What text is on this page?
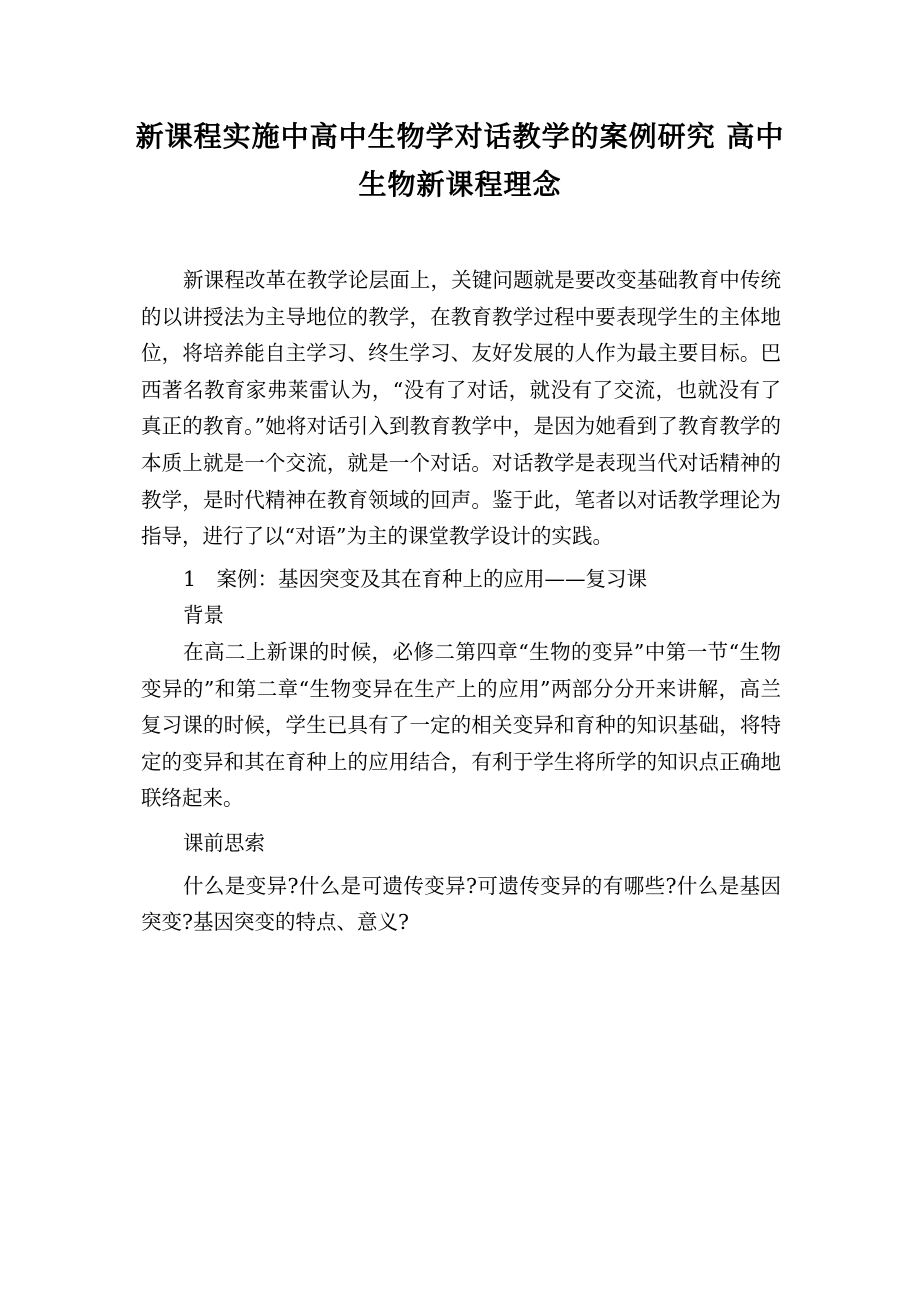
新课程实施中高中生物学对话教学的案例研究 高中
生物新课程理念

新课程改革在教学论层面上，关键问题就是要改变基础教育中传统的以讲授法为主导地位的教学，在教育教学过程中要表现学生的主体地位，将培养能自主学习、终生学习、友好发展的人作为最主要目标。巴西著名教育家弗莱雷认为，“没有了对话，就没有了交流，也就没有了真正的教育。”她将对话引入到教育教学中，是因为她看到了教育教学的本质上就是一个交流，就是一个对话。对话教学是表现当代对话精神的教学，是时代精神在教育领域的回声。鉴于此，笔者以对话教学理论为指导，进行了以“对语”为主的课堂教学设计的实践。

1　案例：基因突变及其在育种上的应用——复习课

背景

在高二上新课的时候，必修二第四章“生物的变异”中第一节“生物变异的”和第二章“生物变异在生产上的应用”两部分分开来讲解，高兰复习课的时候，学生已具有了一定的相关变异和育种的知识基础，将特定的变异和其在育种上的应用结合，有利于学生将所学的知识点正确地联络起来。

课前思索

什么是变异?什么是可遗传变异?可遗传变异的有哪些?什么是基因突变?基因突变的特点、意义?
